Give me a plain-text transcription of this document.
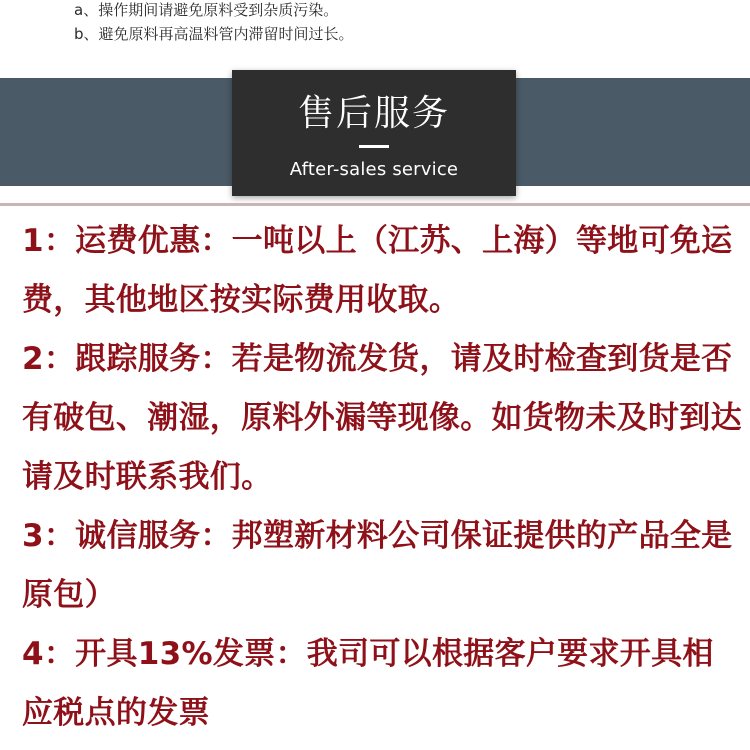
a、操作期间请避免原料受到杂质污染。
b、避免原料再高温料管内滞留时间过长。
售后服务
After-sales service

1：运费优惠：一吨以上（江苏、上海）等地可免运费，其他地区按实际费用收取。

2：跟踪服务：若是物流发货，请及时检查到货是否有破包、潮湿，原料外漏等现像。如货物未及时到达请及时联系我们。

3：诚信服务：邦塑新材料公司保证提供的产品全是原包）

4：开具13%发票：我司可以根据客户要求开具相应税点的发票
